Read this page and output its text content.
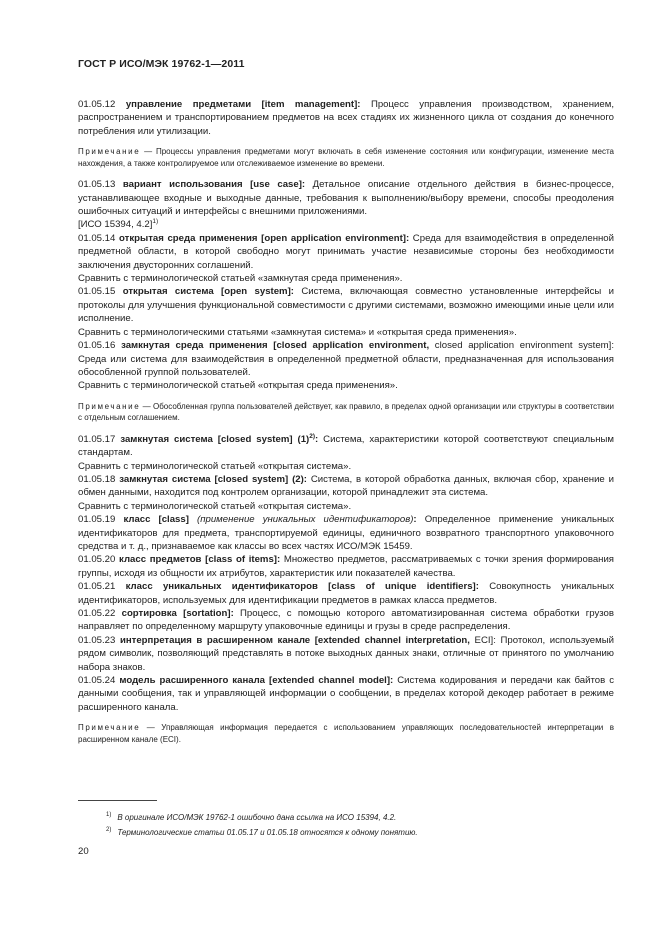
ГОСТ Р ИСО/МЭК 19762-1—2011

01.05.12 управление предметами [item management]: Процесс управления производством, хранением, распространением и транспортированием предметов на всех стадиях их жизненного цикла от создания до конечного потребления или утилизации.

Примечание — Процессы управления предметами могут включать в себя изменение состояния или конфигурации, изменение места нахождения, а также контролируемое или отслеживаемое изменение во времени.

01.05.13 вариант использования [use case]: Детальное описание отдельного действия в бизнес-процессе, устанавливающее входные и выходные данные, требования к выполнению/выбору времени, способы преодоления ошибочных ситуаций и интерфейсы с внешними приложениями.

[ИСО 15394, 4.2]$^{1)}$

01.05.14 открытая среда применения [open application environment]: Среда для взаимодействия в определенной предметной области, в которой свободно могут принимать участие независимые стороны без необходимости заключения двусторонних соглашений.

Сравнить с терминологической статьей «замкнутая среда применения».

01.05.15 открытая система [open system]: Система, включающая совместно установленные интерфейсы и протоколы для улучшения функциональной совместимости с другими системами, возможно имеющими иные цели или исполнение.

Сравнить с терминологическими статьями «замкнутая система» и «открытая среда применения».

01.05.16 замкнутая среда применения [closed application environment, closed application environment system]: Среда или система для взаимодействия в определенной предметной области, предназначенная для использования обособленной группой пользователей.

Сравнить с терминологической статьей «открытая среда применения».

Примечание — Обособленная группа пользователей действует, как правило, в пределах одной организации или структуры в соответствии с отдельным соглашением.

01.05.17 замкнутая система [closed system] $(1)^{2)}$: Система, характеристики которой соответствуют специальным стандартам.

Сравнить с терминологической статьей «открытая система».

01.05.18 замкнутая система [closed system] (2): Система, в которой обработка данных, включая сбор, хранение и обмен данными, находится под контролем организации, которой принадлежит эта система.

Сравнить с терминологической статьей «открытая система».

01.05.19 класс [class] (применение уникальных идентификаторов): Определенное применение уникальных идентификаторов для предмета, транспортируемой единицы, единичного возвратного транспортного упаковочного средства и т. д., признаваемое как классы во всех частях ИСО/МЭК 15459.

01.05.20 класс предметов [class of items]: Множество предметов, рассматриваемых с точки зрения формирования группы, исходя из общности их атрибутов, характеристик или показателей качества.

01.05.21 класс уникальных идентификаторов [class of unique identifiers]: Совокупность уникальных идентификаторов, используемых для идентификации предметов в рамках класса предметов.

01.05.22 сортировка [sortation]: Процесс, с помощью которого автоматизированная система обработки грузов направляет по определенному маршруту упаковочные единицы и грузы в среде распределения.

01.05.23 интерпретация в расширенном канале [extended channel interpretation, ECI]: Протокол, используемый рядом символик, позволяющий представлять в потоке выходных данных знаки, отличные от принятого по умолчанию набора знаков.

01.05.24 модель расширенного канала [extended channel model]: Система кодирования и передачи как байтов с данными сообщения, так и управляющей информации о сообщении, в пределах которой декодер работает в режиме расширенного канала.

Примечание — Управляющая информация передается с использованием управляющих последовательностей интерпретации в расширенном канале (ECI).

$^{1)}$ В оригинале ИСО/МЭК 19762-1 ошибочно дана ссылка на ИСО 15394, 4.2.
$^{2)}$ Терминологические статьи 01.05.17 и 01.05.18 относятся к одному понятию.
20
